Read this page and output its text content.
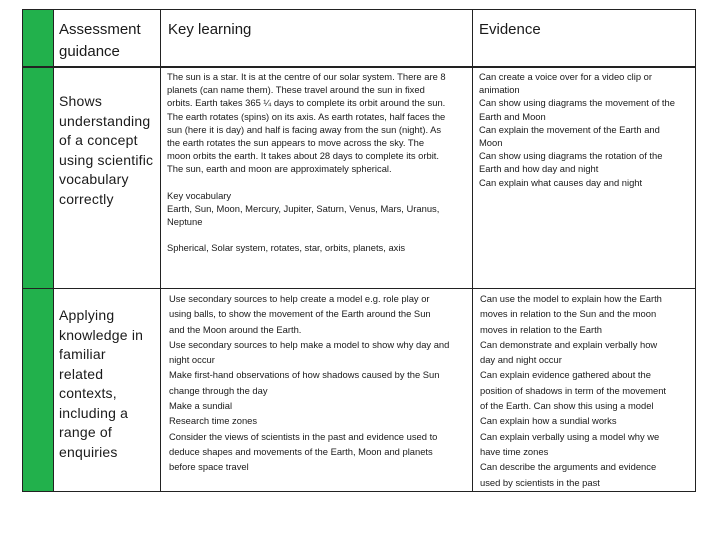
Assessment
guidance
Key learning	Evidence
Shows
understanding
of a concept
using scientific
vocabulary
correctly
The sun is a star. It is at the centre of our solar system. There are 8
planets (can name them). These travel around the sun in fixed
orbits. Earth takes 365 ¼ days to complete its orbit around the sun.
The earth rotates (spins) on its axis. As earth rotates, half faces the
sun (here it is day) and half is facing away from the sun (night). As
the earth rotates the sun appears to move across the sky. The
moon orbits the earth. It takes about 28 days to complete its orbit.
The sun, earth and moon are approximately spherical.
Key vocabulary
Earth, Sun, Moon, Mercury, Jupiter, Saturn, Venus, Mars, Uranus,
Neptune
Spherical, Solar system, rotates, star, orbits, planets, axis
Can create a voice over for a video clip or
animation
Can show using diagrams the movement of the
Earth and Moon
Can explain the movement of the Earth and
Moon
Can show using diagrams the rotation of the
Earth and how day and night
Can explain what causes day and night
Applying
knowledge in
familiar
related
contexts,
including a
range of
enquiries
Use secondary sources to help create a model e.g. role play or
using balls, to show the movement of the Earth around the Sun
and the Moon around the Earth.
Use secondary sources to help make a model to show why day and
night occur
Make first-hand observations of how shadows caused by the Sun
change through the day
Make a sundial
Research time zones
Consider the views of scientists in the past and evidence used to
deduce shapes and movements of the Earth, Moon and planets
before space travel
Can use the model to explain how the Earth
moves in relation to the Sun and the moon
moves in relation to the Earth
Can demonstrate and explain verbally how
day and night occur
Can explain evidence gathered about the
position of shadows in term of the movement
of the Earth. Can show this using a model
Can explain how a sundial works
Can explain verbally using a model why we
have time zones
Can describe the arguments and evidence
used by scientists in the past
